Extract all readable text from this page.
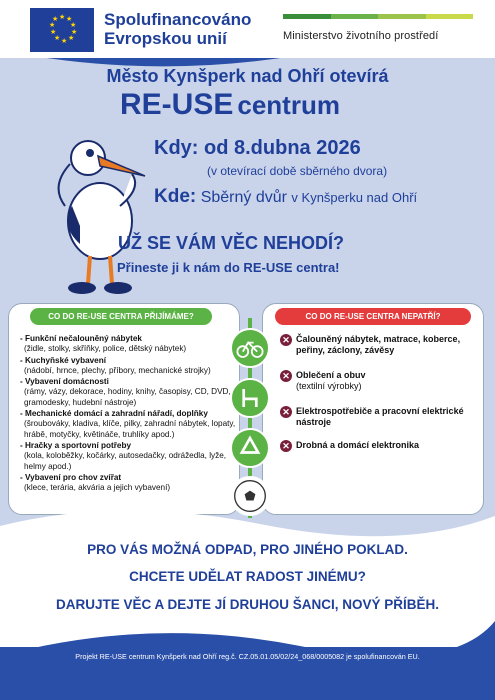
★ ★
★
★
★
★
★
★
★
★	Spolufinancováno
Evropskou unií	Ministerstvo životního prostředí
Město Kynšperk nad Ohří otevírá
RE-USE centrum
Kdy: od 8.dubna 2026
(v otevírací době sběrného dvora)
Kde: Sběrný dvůr v Kynšperku nad Ohří
UŽ SE VÁM VĚC NEHODÍ?
Přineste ji k nám do RE-USE centra!
CO DO RE-USE CENTRA PŘIJÍMÁME?	CO DO RE-USE CENTRA NEPATŘÍ?
- Funkční nečalouněný nábytek
(židle, stolky, skříňky, police, dětský nábytek)
- Kuchyňské vybavení
(nádobí, hrnce, plechy, příbory, mechanické strojky)
- Vybavení domácnosti
(rámy, vázy, dekorace, hodiny, knihy, časopisy, CD, DVD, gramodesky, hudební nástroje)
- Mechanické domácí a zahradní nářadí, doplňky
(šroubováky, kladiva, klíče, pilky, zahradní nábytek, lopaty, hrábě, motyčky, květináče, truhlíky apod.)
- Hračky a sportovní potřeby
(kola, koloběžky, kočárky, autosedačky, odrážedla, lyže, helmy apod.)
- Vybavení pro chov zvířat
(klece, terária, akvária a jejich vybavení)
✕ Čalouněný nábytek, matrace, koberce, peřiny, záclony, závěsy
✕ Oblečení a obuv
(textilní výrobky)
✕ Elektrospotřebiče a pracovní elektrické nástroje
✕ Drobná a domácí elektronika
PRO VÁS MOŽNÁ ODPAD, PRO JINÉHO POKLAD.
CHCETE UDĚLAT RADOST JINÉMU?
DARUJTE VĚC A DEJTE JÍ DRUHOU ŠANCI, NOVÝ PŘÍBĚH.
Projekt RE-USE centrum Kynšperk nad Ohří reg.č. CZ.05.01.05/02/24_068/0005082 je spolufinancován EU.
